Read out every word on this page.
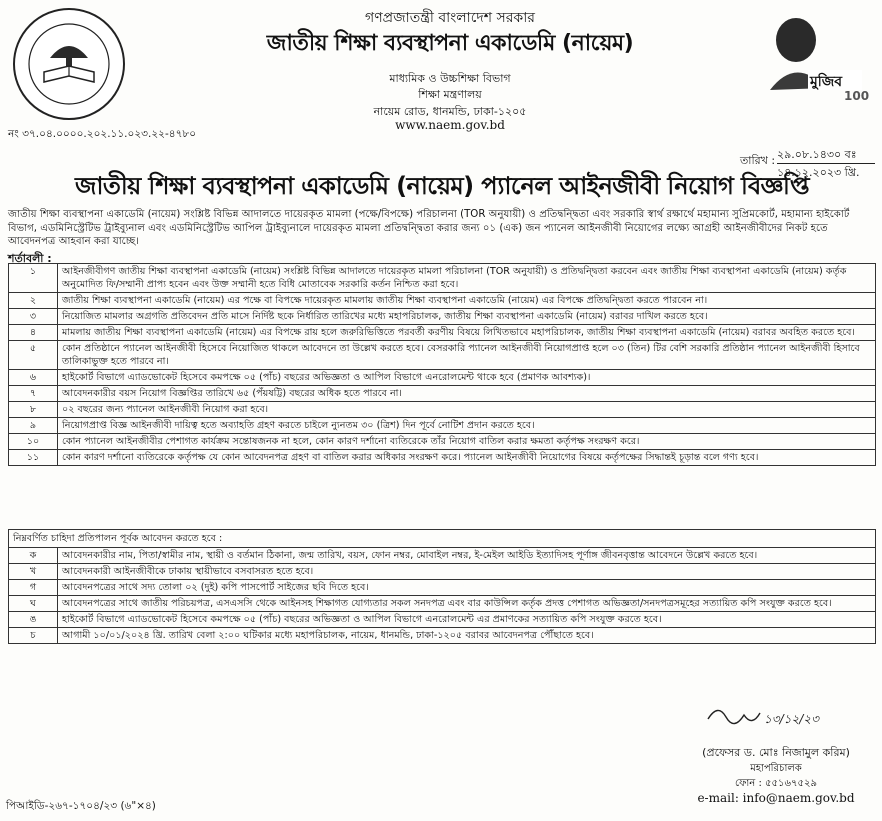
মুজিব
100
গণপ্রজাতন্ত্রী বাংলাদেশ সরকার
জাতীয় শিক্ষা ব্যবস্থাপনা একাডেমি (নায়েম)
মাধ্যমিক ও উচ্চশিক্ষা বিভাগ
শিক্ষা মন্ত্রণালয়
নায়েম রোড, ধানমন্ডি, ঢাকা-১২০৫
www.naem.gov.bd
নং ৩৭.০৪.০০০০.২০২.১১.০২৩.২২-৪৭৮০
তারিখ : ২৯.০৮.১৪৩০ বঃ
১৪.১২.২০২৩ খ্রি.
জাতীয় শিক্ষা ব্যবস্থাপনা একাডেমি (নায়েম) প্যানেল আইনজীবী নিয়োগ বিজ্ঞপ্তি
জাতীয় শিক্ষা ব্যবস্থাপনা একাডেমি (নায়েম) সংশ্লিষ্ট বিভিন্ন আদালতে দায়েরকৃত মামলা (পক্ষে/বিপক্ষে) পরিচালনা (TOR অনুযায়ী) ও প্রতিদ্বন্দ্বিতা এবং সরকারি স্বার্থ রক্ষার্থে মহামান্য সুপ্রিমকোর্ট, মহামান্য হাইকোর্ট বিভাগ, এডমিনিস্ট্রেটিভ ট্রাইব্যুনাল এবং এডমিনিস্ট্রেটিভ আপিল ট্রাইব্যুনালে দায়েরকৃত মামলা প্রতিদ্বন্দ্বিতা করার জন্য ০১ (এক) জন প্যানেল আইনজীবী নিয়োগের লক্ষ্যে আগ্রহী আইনজীবীদের নিকট হতে আবেদনপত্র আহবান করা যাচ্ছে।
শর্তাবলী :
১	আইনজীবীগণ জাতীয় শিক্ষা ব্যবস্থাপনা একাডেমি (নায়েম) সংশ্লিষ্ট বিভিন্ন আদালতে দায়েরকৃত মামলা পরিচালনা (TOR অনুযায়ী) ও প্রতিদ্বন্দ্বিতা করবেন এবং জাতীয় শিক্ষা ব্যবস্থাপনা একাডেমি (নায়েম) কর্তৃক অনুমোদিত ফি/সম্মানী প্রাপ্য হবেন এবং উক্ত সম্মানী হতে বিধি মোতাবেক সরকারি কর্তন নিশ্চিত করা হবে।
২	জাতীয় শিক্ষা ব্যবস্থাপনা একাডেমি (নায়েম) এর পক্ষে বা বিপক্ষে দায়েরকৃত মামলায় জাতীয় শিক্ষা ব্যবস্থাপনা একাডেমি (নায়েম) এর বিপক্ষে প্রতিদ্বন্দ্বিতা করতে পারবেন না।
৩	নিয়োজিত মামলার অগ্রগতি প্রতিবেদন প্রতি মাসে নির্দিষ্ট ছকে নির্ধারিত তারিখের মধ্যে মহাপরিচালক, জাতীয় শিক্ষা ব্যবস্থাপনা একাডেমি (নায়েম) বরাবর দাখিল করতে হবে।
৪	মামলায় জাতীয় শিক্ষা ব্যবস্থাপনা একাডেমি (নায়েম) এর বিপক্ষে রায় হলে জরুরিভিত্তিতে পরবর্তী করণীয় বিষয়ে লিখিতভাবে মহাপরিচালক, জাতীয় শিক্ষা ব্যবস্থাপনা একাডেমি (নায়েম) বরাবর অবহিত করতে হবে।
৫	কোন প্রতিষ্ঠানে প্যানেল আইনজীবী হিসেবে নিয়োজিত থাকলে আবেদনে তা উল্লেখ করতে হবে। বেসরকারি প্যানেল আইনজীবী নিয়োগপ্রাপ্ত হলে ০৩ (তিন) টির বেশি সরকারি প্রতিষ্ঠান প্যানেল আইনজীবী হিসাবে তালিকাভুক্ত হতে পারবে না।
৬	হাইকোর্ট বিভাগে এ্যাডভোকেট হিসেবে কমপক্ষে ০৫ (পাঁচ) বছরের অভিজ্ঞতা ও আপিল বিভাগে এনরোলমেন্ট থাকে হবে (প্রমাণক আবশ্যক)।
৭	আবেদনকারীর বয়স নিয়োগ বিজ্ঞপ্তির তারিখে ৬৫ (পঁয়ষট্টি) বছরের অধিক হতে পারবে না।
৮	০২ বছরের জন্য প্যানেল আইনজীবী নিয়োগ করা হবে।
৯	নিয়োগপ্রাপ্ত বিজ্ঞ আইনজীবী দায়িত্ব হতে অব্যাহতি গ্রহণ করতে চাইলে ন্যুনতম ৩০ (ত্রিশ) দিন পূর্বে নোটিশ প্রদান করতে হবে।
১০	কোন প্যানেল আইনজীবীর পেশাগত কার্যক্রম সন্তোষজনক না হলে, কোন কারণ দর্শানো ব্যতিরেকে তাঁর নিয়োগ বাতিল করার ক্ষমতা কর্তৃপক্ষ সংরক্ষণ করে।
১১	কোন কারণ দর্শানো ব্যতিরেকে কর্তৃপক্ষ যে কোন আবেদনপত্র গ্রহণ বা বাতিল করার অধিকার সংরক্ষণ করে। প্যানেল আইনজীবী নিয়োগের বিষয়ে কর্তৃপক্ষের সিদ্ধান্তই চূড়ান্ত বলে গণ্য হবে।
নিম্নবর্ণিত চাহিদা প্রতিপালন পূর্বক আবেদন করতে হবে :	
ক	আবেদনকারীর নাম, পিতা/স্বামীর নাম, স্থায়ী ও বর্তমান ঠিকানা, জন্ম তারিখ, বয়স, ফোন নম্বর, মোবাইল নম্বর, ই-মেইল আইডি ইত্যাদিসহ পূর্ণাঙ্গ জীবনবৃত্তান্ত আবেদনে উল্লেখ করতে হবে।
খ	আবেদনকারী আইনজীবীকে ঢাকায় স্থায়ীভাবে বসবাসরত হতে হবে।
গ	আবেদনপত্রের সাথে সদ্য তোলা ০২ (দুই) কপি পাসপোর্ট সাইজের ছবি দিতে হবে।
ঘ	আবেদনপত্রের সাথে জাতীয় পরিচয়পত্র, এসএসসি থেকে আইনসহ শিক্ষাগত যোগ্যতার সকল সনদপত্র এবং বার কাউন্সিল কর্তৃক প্রদত্ত পেশাগত অভিজ্ঞতা/সনদপত্রসমূহের সত্যায়িত কপি সংযুক্ত করতে হবে।
ঙ	হাইকোর্ট বিভাগে এ্যাডভোকেট হিসেবে কমপক্ষে ০৫ (পাঁচ) বছরের অভিজ্ঞতা ও আপিল বিভাগে এনরোলমেন্ট এর প্রমাণকের সত্যায়িত কপি সংযুক্ত করতে হবে।
চ	আগামী ১০/০১/২০২৪ খ্রি. তারিখ বেলা ২:০০ ঘটিকার মধ্যে মহাপরিচালক, নায়েম, ধানমন্ডি, ঢাকা-১২০৫ বরাবর আবেদনপত্র পৌঁছাতে হবে।
১৩/১২/২৩
(প্রফেসর ড. মোঃ নিজামুল করিম)
মহাপরিচালক
ফোন : ৫৫১৬৭৫২৯
e-mail: info@naem.gov.bd
পিআইডি-২৬৭-১৭০৪/২৩ (৬"×৪)
